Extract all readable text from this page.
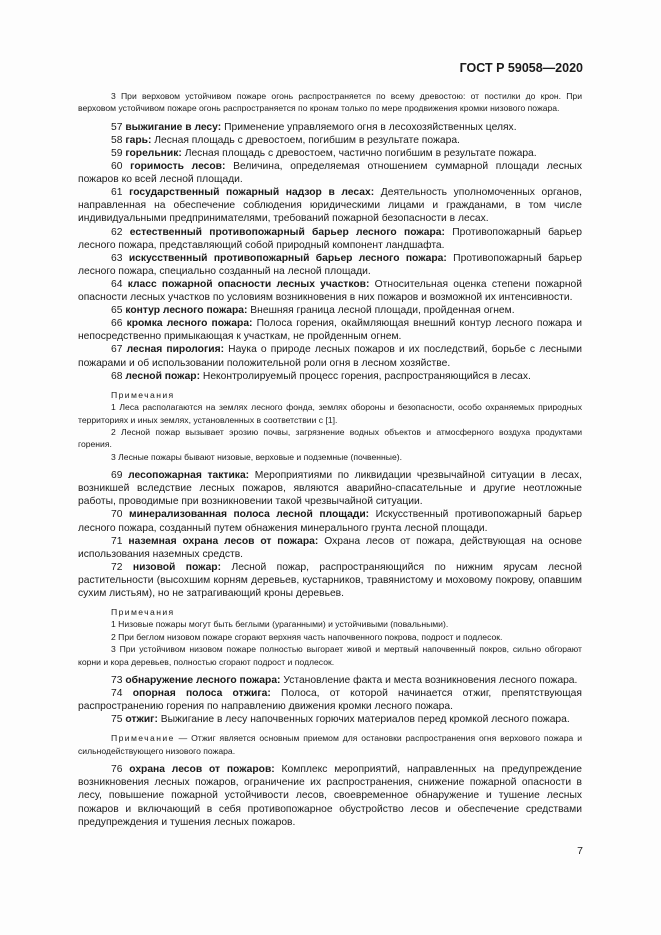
ГОСТ Р 59058—2020

3 При верховом устойчивом пожаре огонь распространяется по всему древостою: от постилки до крон. При верховом устойчивом пожаре огонь распространяется по кронам только по мере продвижения кромки низового пожара.

57 выжигание в лесу: Применение управляемого огня в лесохозяйственных целях.

58 гарь: Лесная площадь с древостоем, погибшим в результате пожара.

59 горельник: Лесная площадь с древостоем, частично погибшим в результате пожара.

60 горимость лесов: Величина, определяемая отношением суммарной площади лесных пожаров ко всей лесной площади.

61 государственный пожарный надзор в лесах: Деятельность уполномоченных органов, направленная на обеспечение соблюдения юридическими лицами и гражданами, в том числе индивидуальными предпринимателями, требований пожарной безопасности в лесах.

62 естественный противопожарный барьер лесного пожара: Противопожарный барьер лесного пожара, представляющий собой природный компонент ландшафта.

63 искусственный противопожарный барьер лесного пожара: Противопожарный барьер лесного пожара, специально созданный на лесной площади.

64 класс пожарной опасности лесных участков: Относительная оценка степени пожарной опасности лесных участков по условиям возникновения в них пожаров и возможной их интенсивности.

65 контур лесного пожара: Внешняя граница лесной площади, пройденная огнем.

66 кромка лесного пожара: Полоса горения, окаймляющая внешний контур лесного пожара и непосредственно примыкающая к участкам, не пройденным огнем.

67 лесная пирология: Наука о природе лесных пожаров и их последствий, борьбе с лесными пожарами и об использовании положительной роли огня в лесном хозяйстве.

68 лесной пожар: Неконтролируемый процесс горения, распространяющийся в лесах.

Примечания

1 Леса располагаются на землях лесного фонда, землях обороны и безопасности, особо охраняемых природных территориях и иных землях, установленных в соответствии с [1].

2 Лесной пожар вызывает эрозию почвы, загрязнение водных объектов и атмосферного воздуха продуктами горения.

3 Лесные пожары бывают низовые, верховые и подземные (почвенные).

69 лесопожарная тактика: Мероприятиями по ликвидации чрезвычайной ситуации в лесах, возникшей вследствие лесных пожаров, являются аварийно-спасательные и другие неотложные работы, проводимые при возникновении такой чрезвычайной ситуации.

70 минерализованная полоса лесной площади: Искусственный противопожарный барьер лесного пожара, созданный путем обнажения минерального грунта лесной площади.

71 наземная охрана лесов от пожара: Охрана лесов от пожара, действующая на основе использования наземных средств.

72 низовой пожар: Лесной пожар, распространяющийся по нижним ярусам лесной растительности (высохшим корням деревьев, кустарников, травянистому и моховому покрову, опавшим сухим листьям), но не затрагивающий кроны деревьев.

Примечания

1 Низовые пожары могут быть беглыми (ураганными) и устойчивыми (повальными).

2 При беглом низовом пожаре сгорают верхняя часть напочвенного покрова, подрост и подлесок.

3 При устойчивом низовом пожаре полностью выгорает живой и мертвый напочвенный покров, сильно обгорают корни и кора деревьев, полностью сгорают подрост и подлесок.

73 обнаружение лесного пожара: Установление факта и места возникновения лесного пожара.

74 опорная полоса отжига: Полоса, от которой начинается отжиг, препятствующая распространению горения по направлению движения кромки лесного пожара.

75 отжиг: Выжигание в лесу напочвенных горючих материалов перед кромкой лесного пожара.

Примечание — Отжиг является основным приемом для остановки распространения огня верхового пожара и сильнодействующего низового пожара.

76 охрана лесов от пожаров: Комплекс мероприятий, направленных на предупреждение возникновения лесных пожаров, ограничение их распространения, снижение пожарной опасности в лесу, повышение пожарной устойчивости лесов, своевременное обнаружение и тушение лесных пожаров и включающий в себя противопожарное обустройство лесов и обеспечение средствами предупреждения и тушения лесных пожаров.

7
